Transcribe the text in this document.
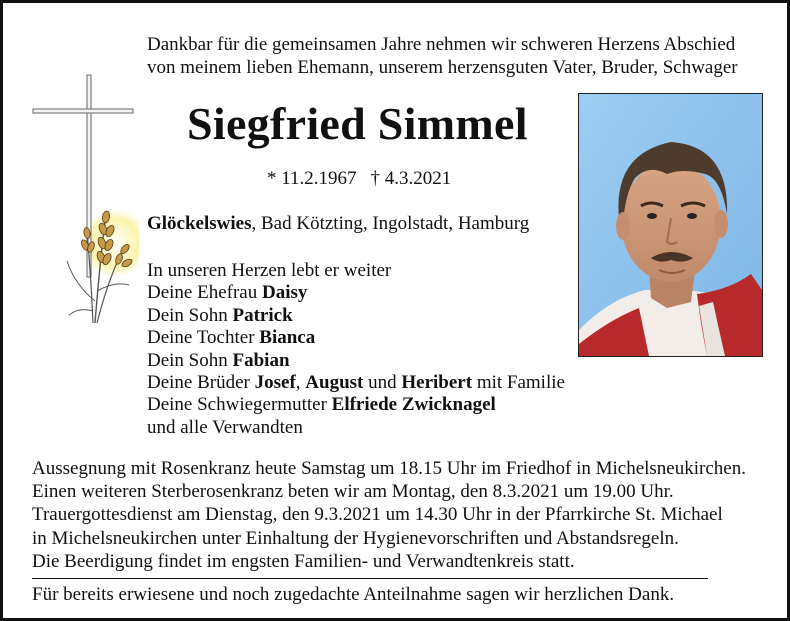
Dankbar für die gemeinsamen Jahre nehmen wir schweren Herzens Abschied
von meinem lieben Ehemann, unserem herzensguten Vater, Bruder, Schwager
Siegfried Simmel
* 11.2.1967 † 4.3.2021
Glöckelswies, Bad Kötzting, Ingolstadt, Hamburg
In unseren Herzen lebt er weiter
Deine Ehefrau Daisy
Dein Sohn Patrick
Deine Tochter Bianca
Dein Sohn Fabian
Deine Brüder Josef, August und Heribert mit Familie
Deine Schwiegermutter Elfriede Zwicknagel
und alle Verwandten
Aussegnung mit Rosenkranz heute Samstag um 18.15 Uhr im Friedhof in Michelsneukirchen.
Einen weiteren Sterberosenkranz beten wir am Montag, den 8.3.2021 um 19.00 Uhr.
Trauergottesdienst am Dienstag, den 9.3.2021 um 14.30 Uhr in der Pfarrkirche St. Michael
in Michelsneukirchen unter Einhaltung der Hygienevorschriften und Abstandsregeln.
Die Beerdigung findet im engsten Familien- und Verwandtenkreis statt.
Für bereits erwiesene und noch zugedachte Anteilnahme sagen wir herzlichen Dank.
